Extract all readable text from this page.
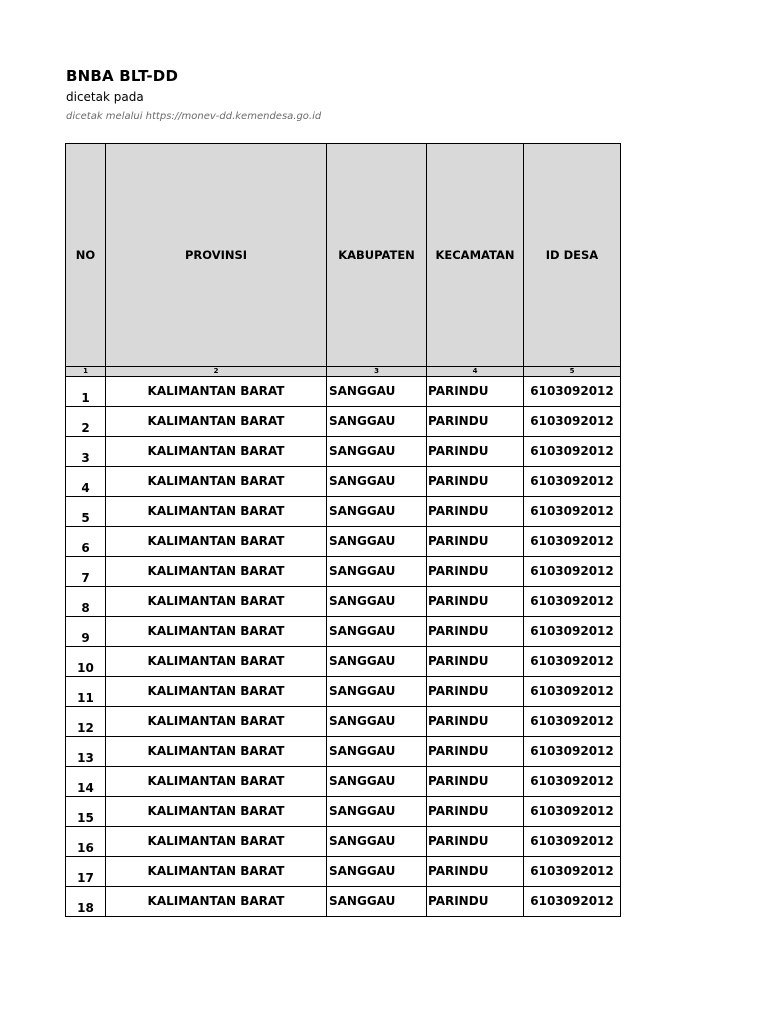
BNBA BLT-DD
dicetak pada
dicetak melalui https://monev-dd.kemendesa.go.id
NO	PROVINSI	KABUPATEN	KECAMATAN	ID DESA
1	2	3	4	5
1	KALIMANTAN BARAT	SANGGAU	PARINDU	6103092012
2	KALIMANTAN BARAT	SANGGAU	PARINDU	6103092012
3	KALIMANTAN BARAT	SANGGAU	PARINDU	6103092012
4	KALIMANTAN BARAT	SANGGAU	PARINDU	6103092012
5	KALIMANTAN BARAT	SANGGAU	PARINDU	6103092012
6	KALIMANTAN BARAT	SANGGAU	PARINDU	6103092012
7	KALIMANTAN BARAT	SANGGAU	PARINDU	6103092012
8	KALIMANTAN BARAT	SANGGAU	PARINDU	6103092012
9	KALIMANTAN BARAT	SANGGAU	PARINDU	6103092012
10	KALIMANTAN BARAT	SANGGAU	PARINDU	6103092012
11	KALIMANTAN BARAT	SANGGAU	PARINDU	6103092012
12	KALIMANTAN BARAT	SANGGAU	PARINDU	6103092012
13	KALIMANTAN BARAT	SANGGAU	PARINDU	6103092012
14	KALIMANTAN BARAT	SANGGAU	PARINDU	6103092012
15	KALIMANTAN BARAT	SANGGAU	PARINDU	6103092012
16	KALIMANTAN BARAT	SANGGAU	PARINDU	6103092012
17	KALIMANTAN BARAT	SANGGAU	PARINDU	6103092012
18	KALIMANTAN BARAT	SANGGAU	PARINDU	6103092012
